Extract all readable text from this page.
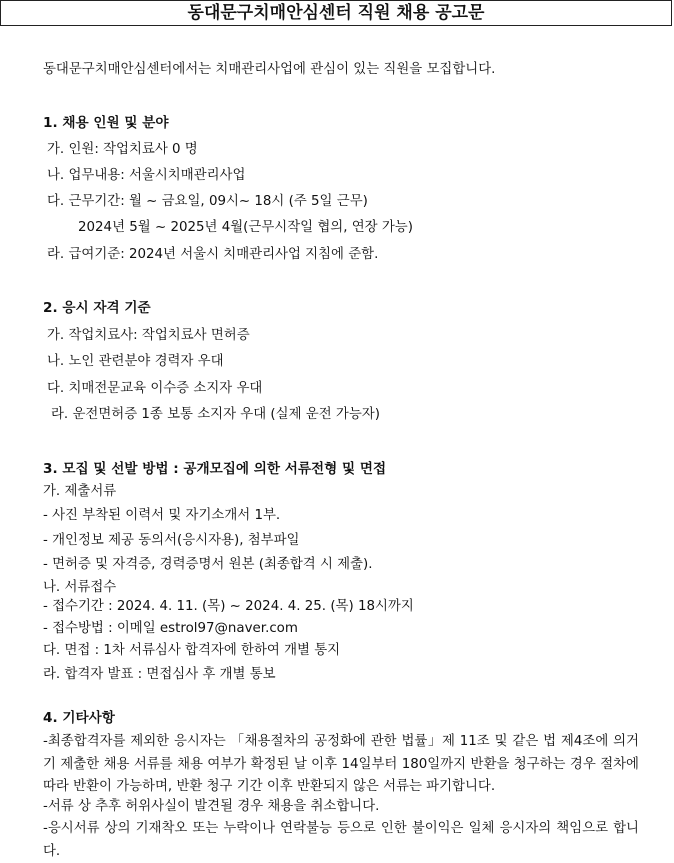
동대문구치매안심센터 직원 채용 공고문
동대문구치매안심센터에서는 치매관리사업에 관심이 있는 직원을 모집합니다.
1. 채용 인원 및 분야
가. 인원: 작업치료사 0 명
나. 업무내용: 서울시치매관리사업
다. 근무기간: 월 ~ 금요일, 09시~ 18시 (주 5일 근무)
2024년 5월 ~ 2025년 4월(근무시작일 협의, 연장 가능)
라. 급여기준: 2024년 서울시 치매관리사업 지침에 준함.
2. 응시 자격 기준
가. 작업치료사: 작업치료사 면허증
나. 노인 관련분야 경력자 우대
다. 치매전문교육 이수증 소지자 우대
라. 운전면허증 1종 보통 소지자 우대 (실제 운전 가능자)
3. 모집 및 선발 방법 : 공개모집에 의한 서류전형 및 면접
가. 제출서류
- 사진 부착된 이력서 및 자기소개서 1부.
- 개인정보 제공 동의서(응시자용), 첨부파일
- 면허증 및 자격증, 경력증명서 원본 (최종합격 시 제출).
나. 서류접수
- 접수기간 : 2024. 4. 11. (목) ~ 2024. 4. 25. (목) 18시까지
- 접수방법 : 이메일 estrol97@naver.com
다. 면접 : 1차 서류심사 합격자에 한하여 개별 통지
라. 합격자 발표 : 면접심사 후 개별 통보
4. 기타사항
-최종합격자를 제외한 응시자는 「채용절차의 공정화에 관한 법률」제 11조 및 같은 법 제4조에 의거 기 제출한 채용 서류를 채용 여부가 확정된 날 이후 14일부터 180일까지 반환을 청구하는 경우 절차에 따라 반환이 가능하며, 반환 청구 기간 이후 반환되지 않은 서류는 파기합니다.
-서류 상 추후 허위사실이 발견될 경우 채용을 취소합니다.
-응시서류 상의 기재착오 또는 누락이나 연락불능 등으로 인한 불이익은 일체 응시자의 책임으로 합니다.
